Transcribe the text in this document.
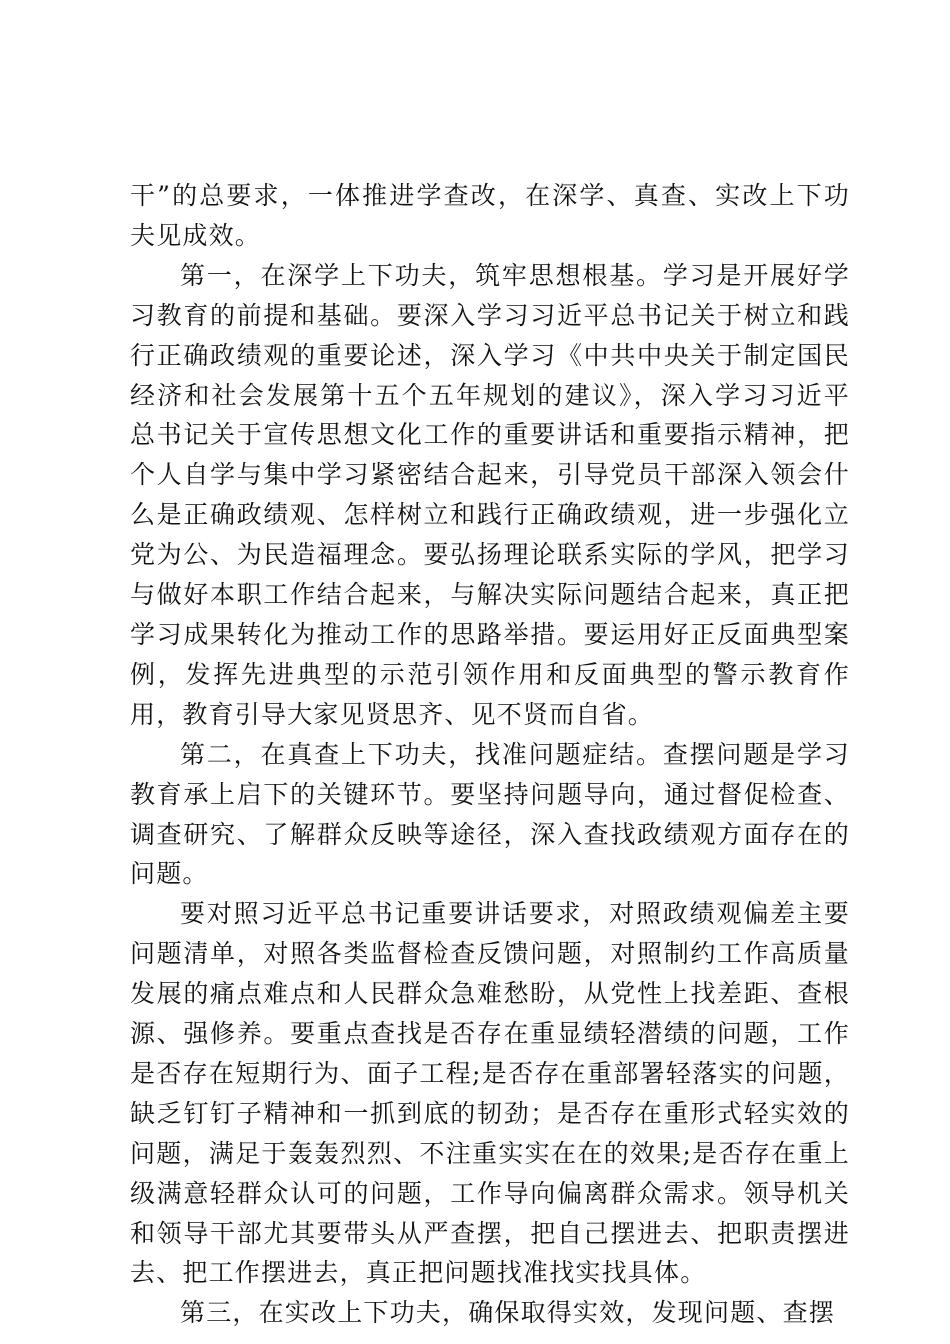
干”的总要求，一体推进学查改，在深学、真查、实改上下功夫见成效。

第一，在深学上下功夫，筑牢思想根基。学习是开展好学习教育的前提和基础。要深入学习习近平总书记关于树立和践行正确政绩观的重要论述，深入学习《中共中央关于制定国民经济和社会发展第十五个五年规划的建议》，深入学习习近平总书记关于宣传思想文化工作的重要讲话和重要指示精神，把个人自学与集中学习紧密结合起来，引导党员干部深入领会什么是正确政绩观、怎样树立和践行正确政绩观，进一步强化立党为公、为民造福理念。要弘扬理论联系实际的学风，把学习与做好本职工作结合起来，与解决实际问题结合起来，真正把学习成果转化为推动工作的思路举措。要运用好正反面典型案例，发挥先进典型的示范引领作用和反面典型的警示教育作用，教育引导大家见贤思齐、见不贤而自省。

第二，在真查上下功夫，找准问题症结。查摆问题是学习教育承上启下的关键环节。要坚持问题导向，通过督促检查、调查研究、了解群众反映等途径，深入查找政绩观方面存在的问题。

要对照习近平总书记重要讲话要求，对照政绩观偏差主要问题清单，对照各类监督检查反馈问题，对照制约工作高质量发展的痛点难点和人民群众急难愁盼，从党性上找差距、查根源、强修养。要重点查找是否存在重显绩轻潜绩的问题，工作是否存在短期行为、面子工程;是否存在重部署轻落实的问题，缺乏钉钉子精神和一抓到底的韧劲；是否存在重形式轻实效的问题，满足于轰轰烈烈、不注重实实在在的效果;是否存在重上级满意轻群众认可的问题，工作导向偏离群众需求。领导机关和领导干部尤其要带头从严查摆，把自己摆进去、把职责摆进去、把工作摆进去，真正把问题找准找实找具体。

第三，在实改上下功夫，确保取得实效，发现问题、查摆
